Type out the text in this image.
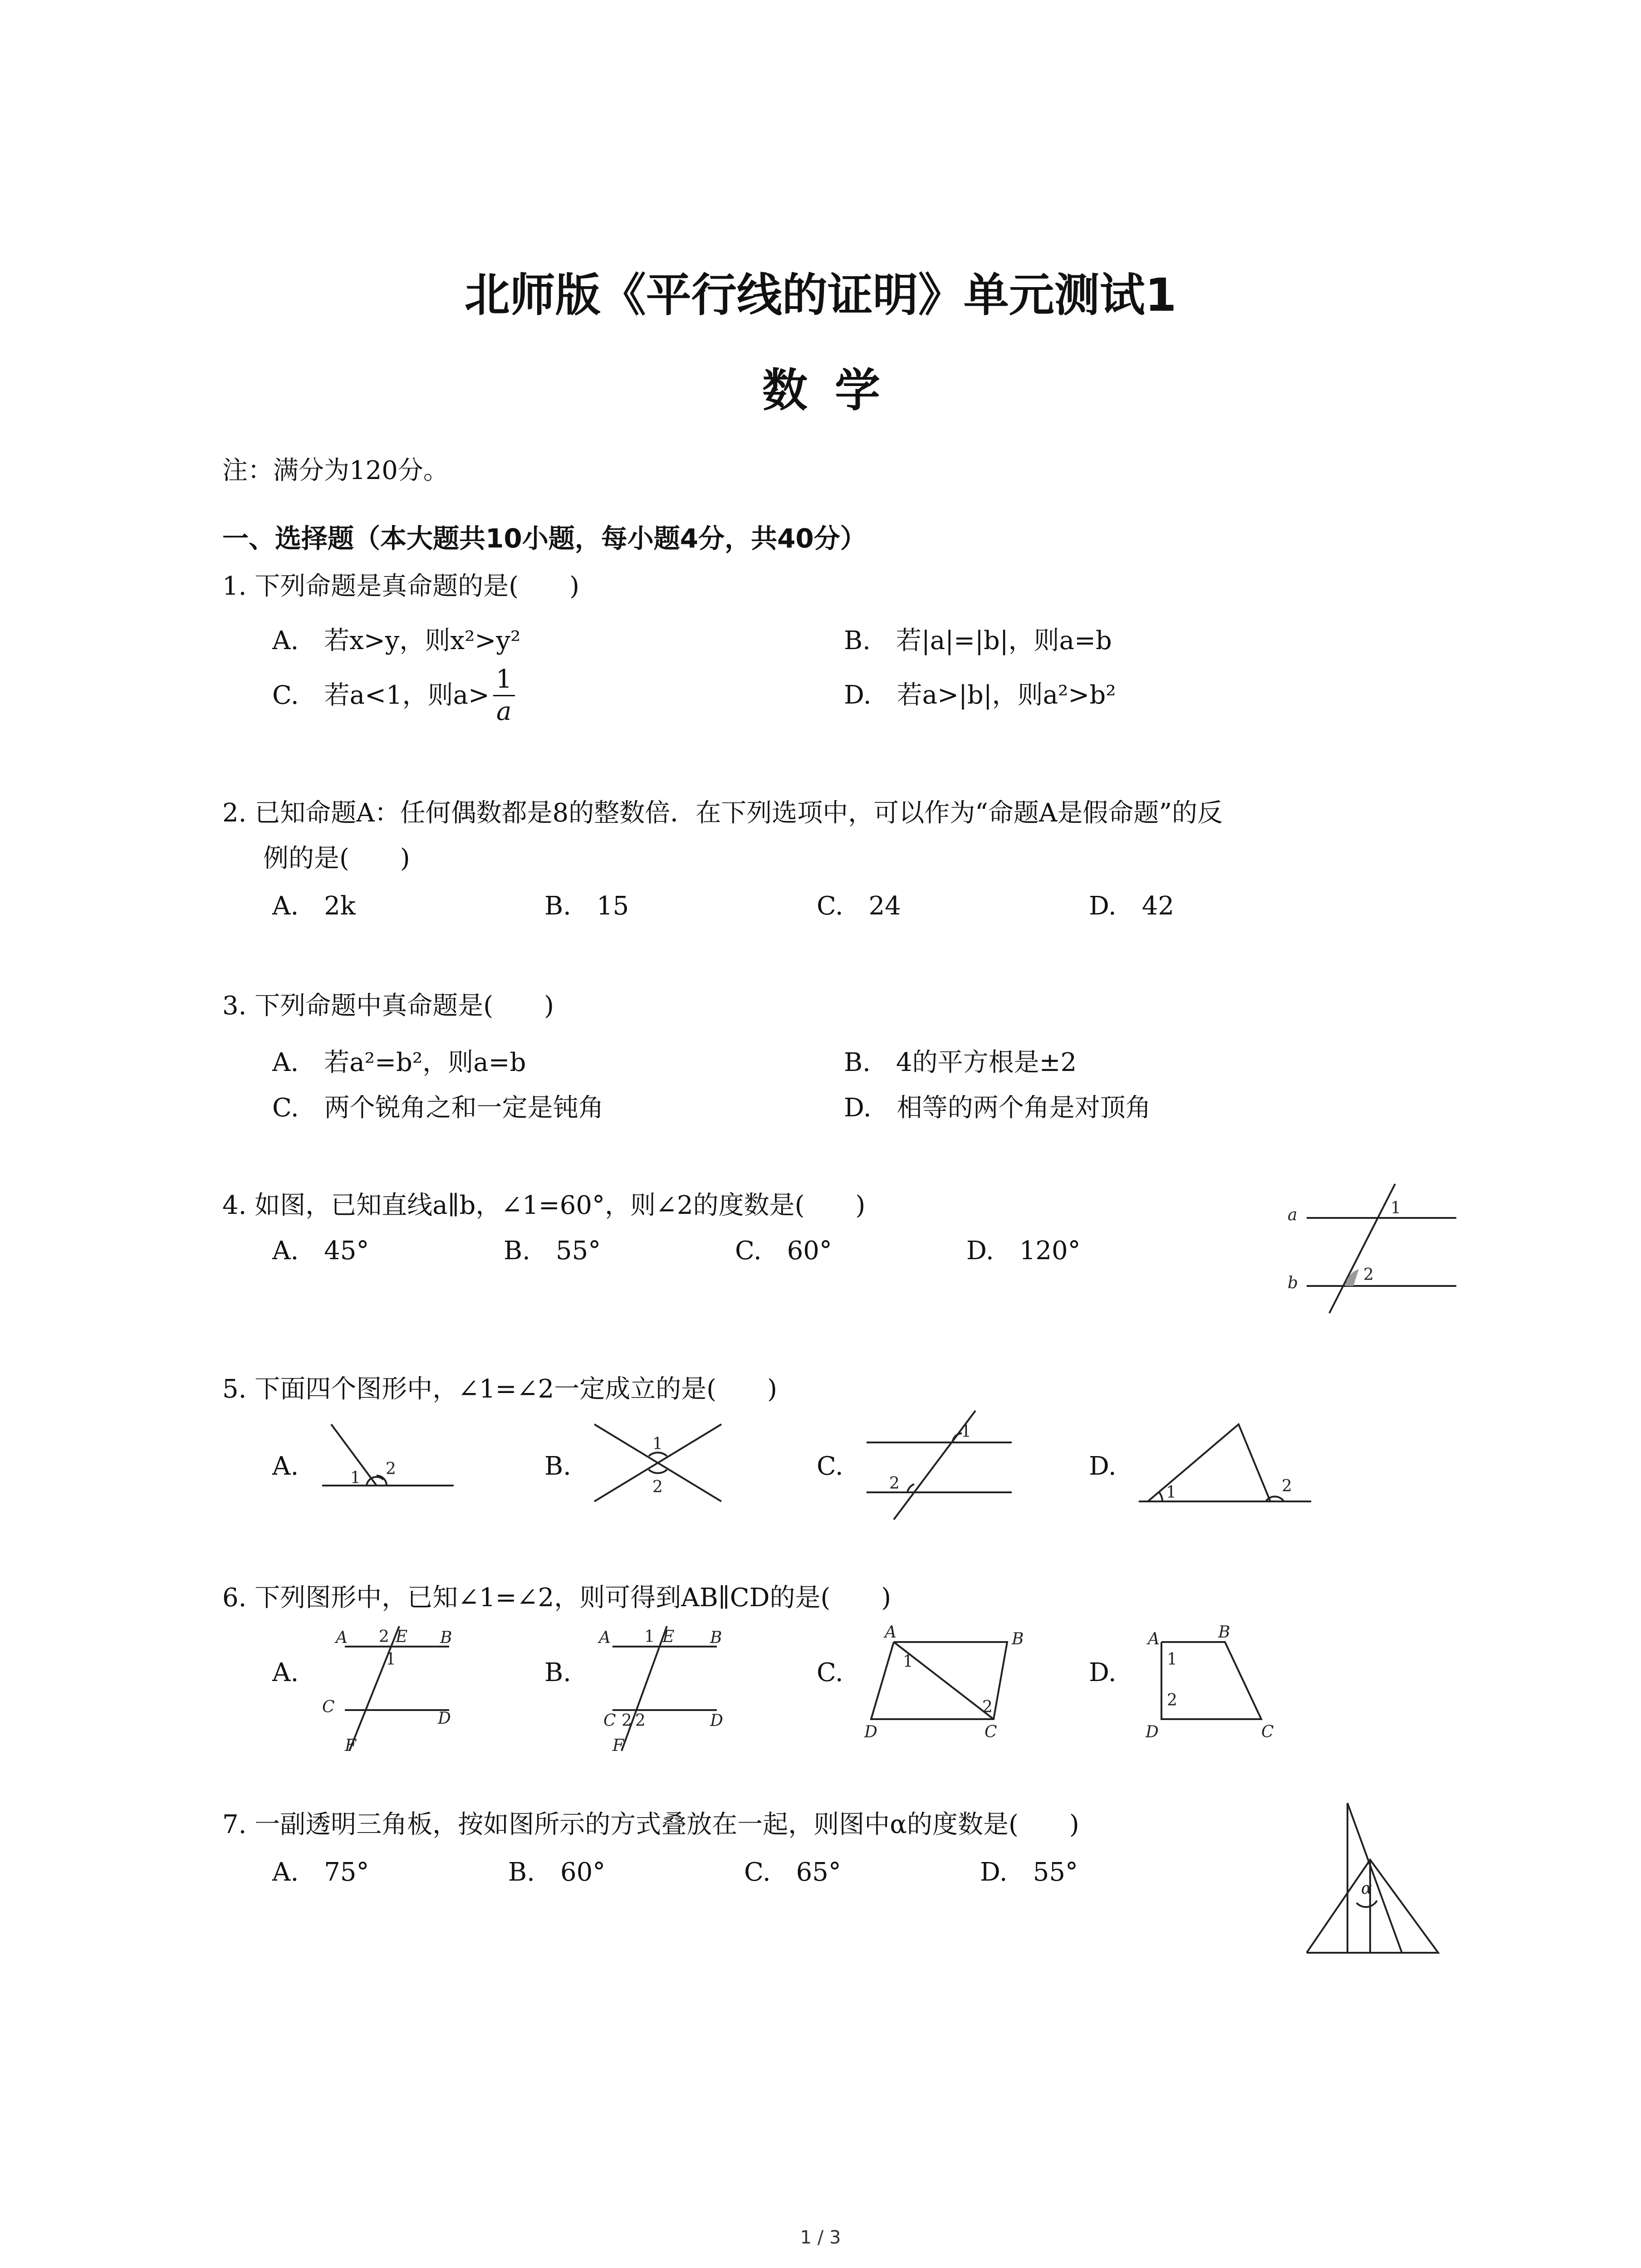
北师版《平行线的证明》单元测试1
数学
注：满分为120分。
一、选择题（本大题共10小题，每小题4分，共40分）
1. 下列命题是真命题的是(　　)
A.　若x>y，则x²>y²	B.　若|a|=|b|，则a=b
C.　若a<1，则$a> \frac{1}{a}$	D.　若a>|b|，则a²>b²
2. 已知命题A：任何偶数都是8的整数倍．在下列选项中，可以作为“命题A是假命题”的反
例的是(　　)
A.　2k	B.　15	C.　24	D.　42
3. 下列命题中真命题是(　　)
A.　若a²=b²，则a=b	B.　4的平方根是±2
C.　两个锐角之和一定是钝角	D.　相等的两个角是对顶角
4. 如图，已知直线a∥b，∠1=60°，则∠2的度数是(　　)
A.　45°	B.　55°	C.　60°	D.　120°
a
b
1
2
5. 下面四个图形中，∠1=∠2一定成立的是(　　)
A.	1 2	B.
1
2
C.
1
2
D.
1	2
6. 下列图形中，已知∠1=∠2，则可得到AB∥CD的是(　　)
A.
A 2 E B
1
C
D
F
B.
A 1 E B
C 2 2	D
F
C.
A	B
C
D
1
2
D.
A	B
C
D
1
2
7. 一副透明三角板，按如图所示的方式叠放在一起，则图中α的度数是(　　)
A.　75°	B.　60°	C.　65°	D.　55°
α
1 / 3
